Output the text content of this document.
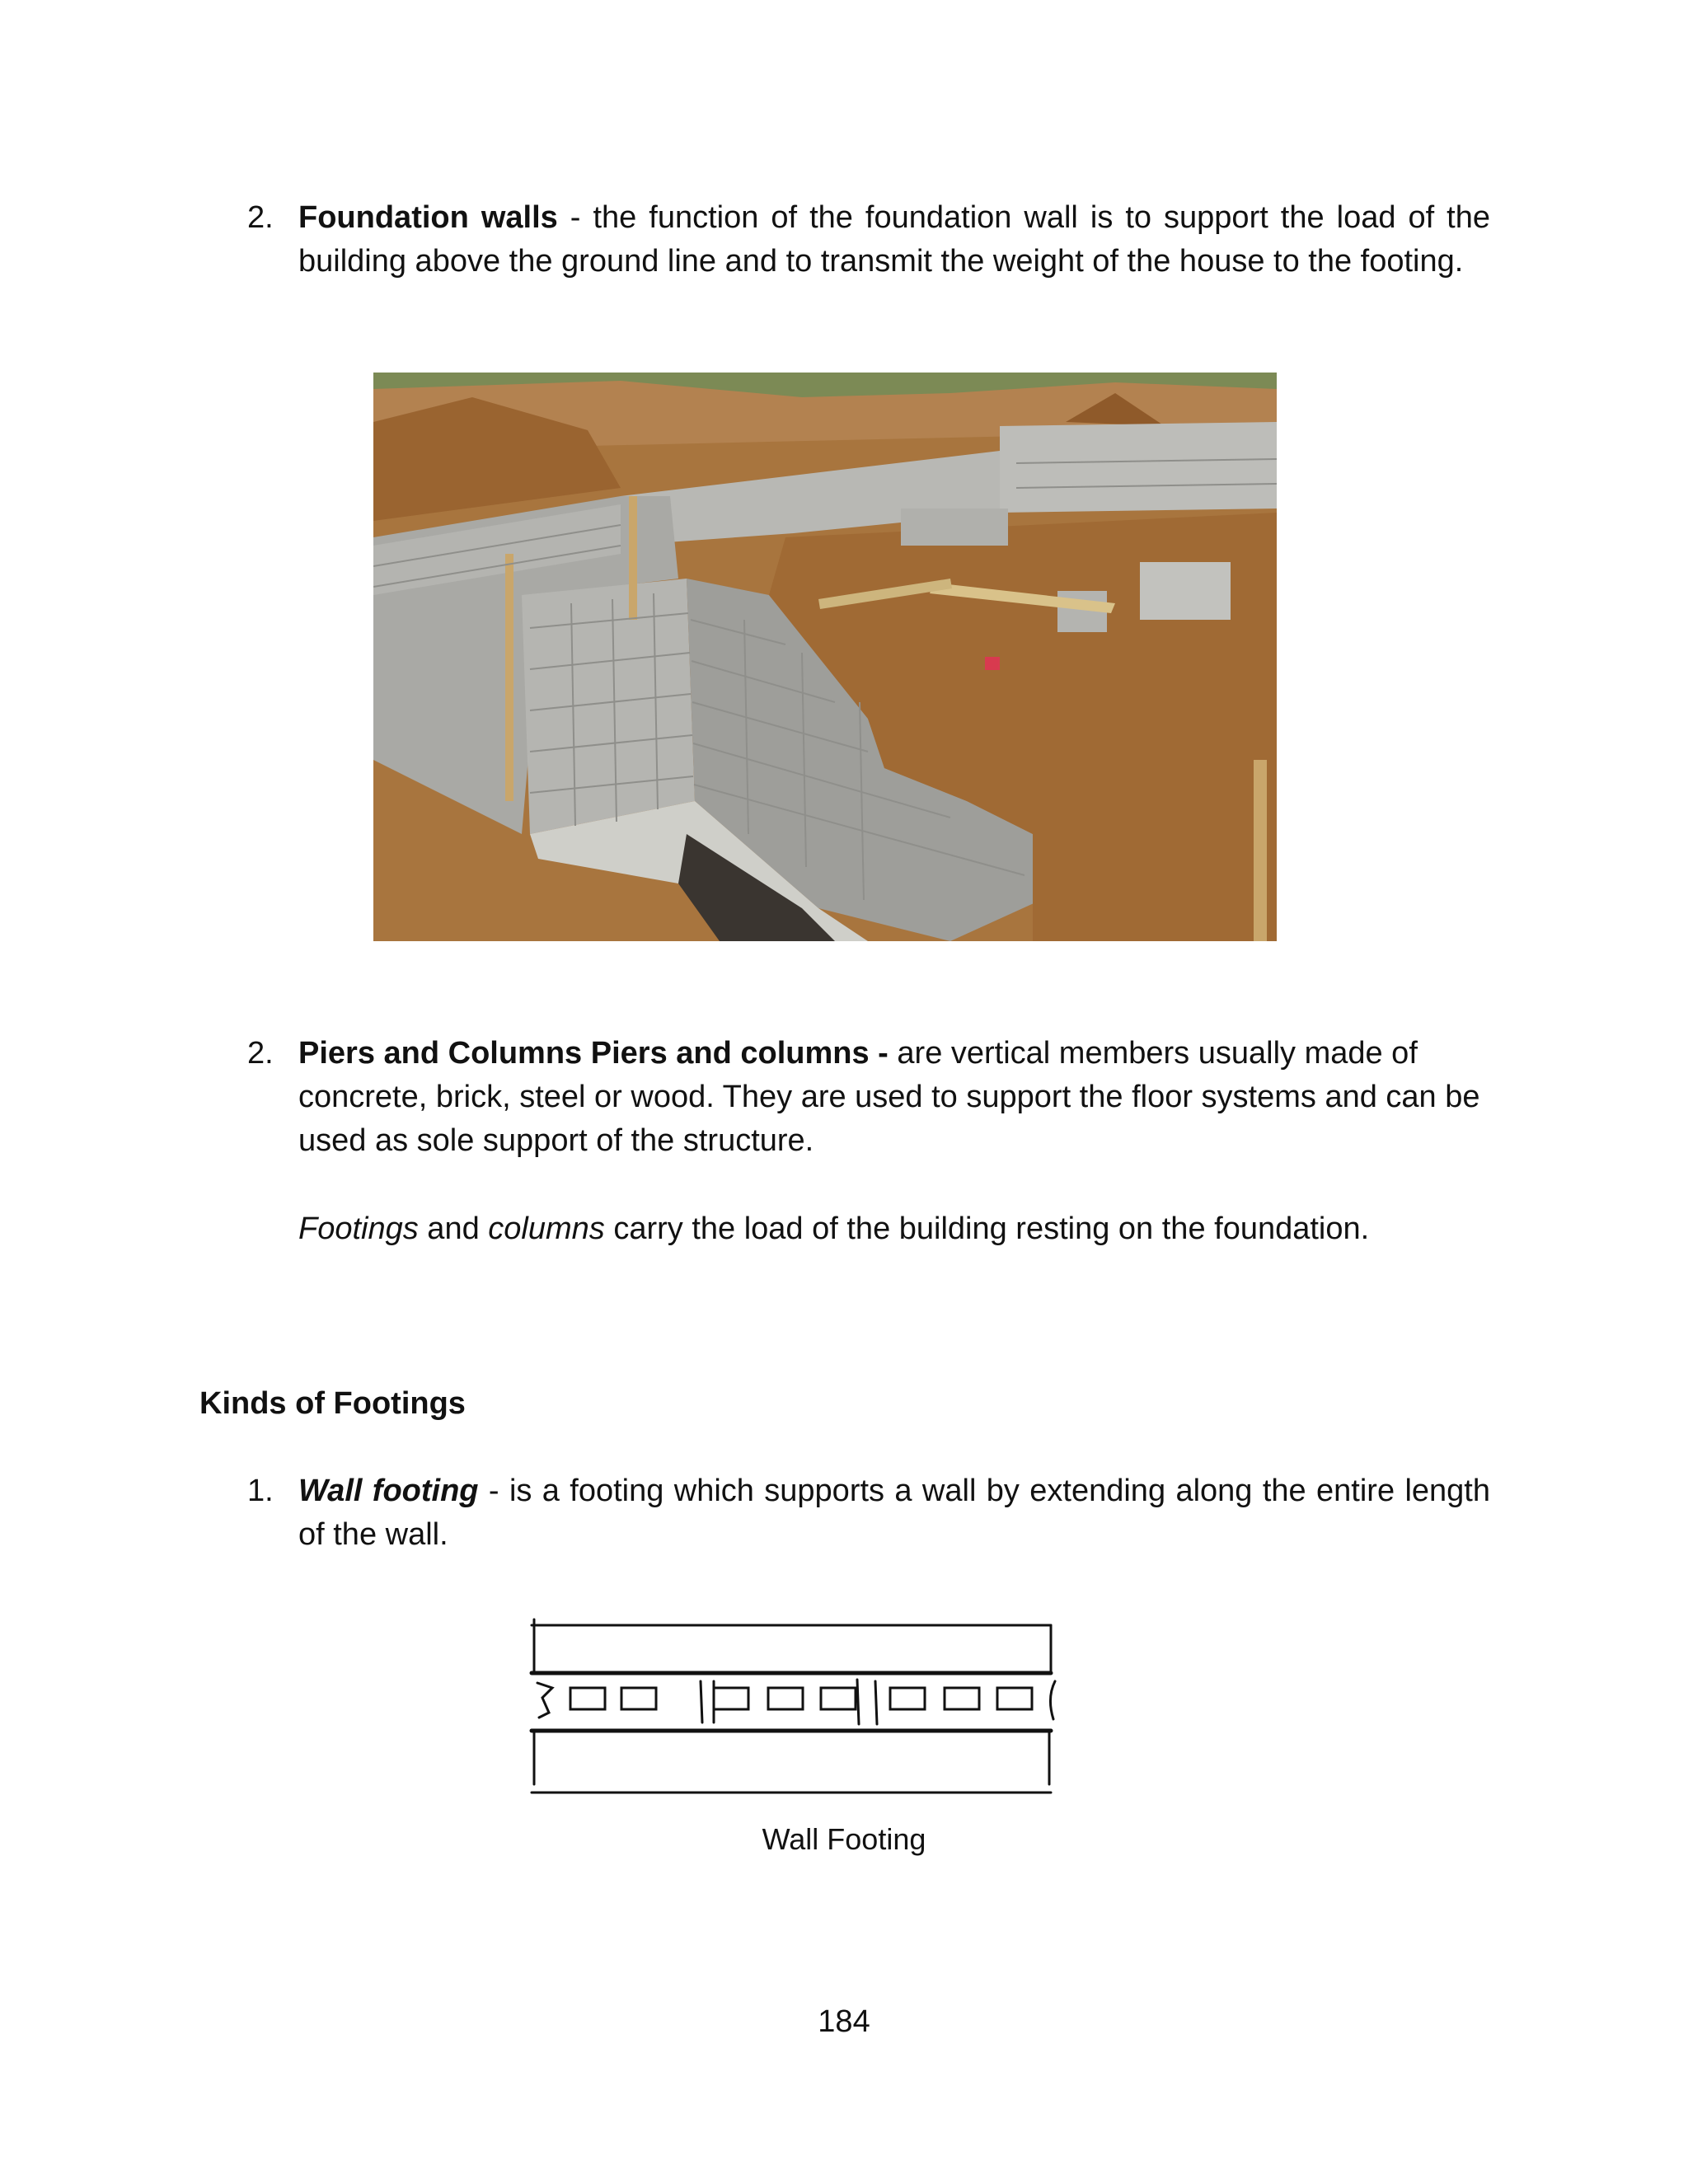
2. Foundation walls - the function of the foundation wall is to support the load of the building above the ground line and to transmit the weight of the house to the footing.
2. Piers and Columns Piers and columns - are vertical members usually made of concrete, brick, steel or wood. They are used to support the floor systems and can be used as sole support of the structure.
Footings and columns carry the load of the building resting on the foundation.
Kinds of Footings
1. Wall footing - is a footing which supports a wall by extending along the entire length of the wall.
Wall Footing
184
